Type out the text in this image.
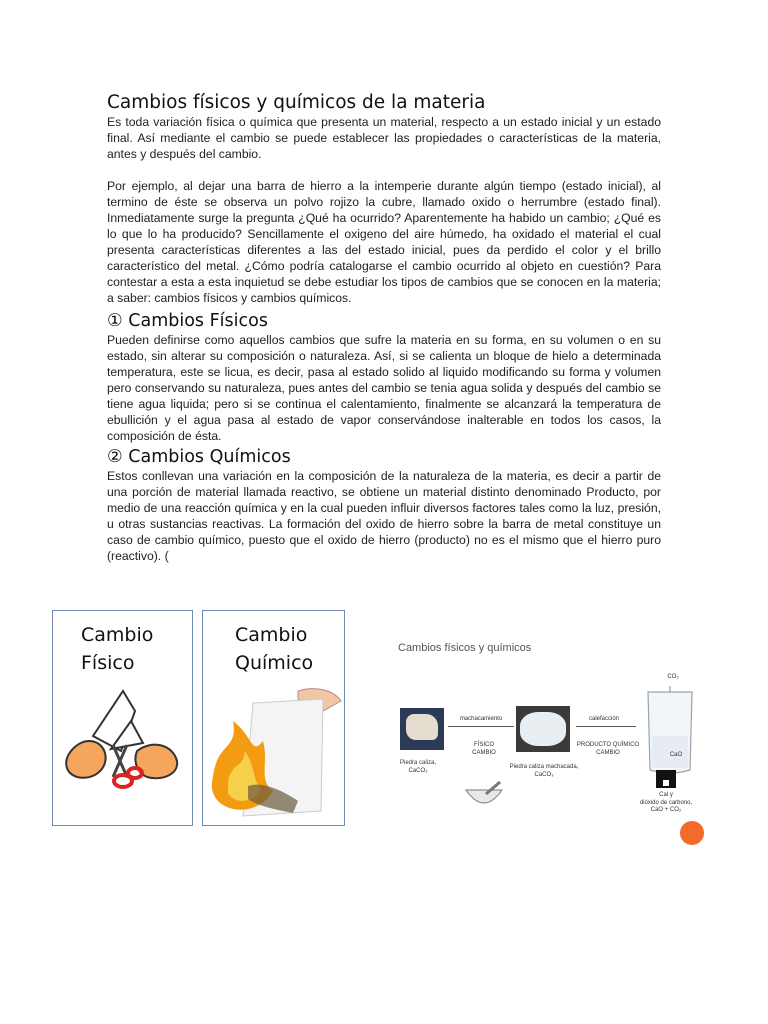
Cambios físicos y químicos de la materia

Es toda variación física o química que presenta un material, respecto a un estado inicial y un estado final. Así mediante el cambio se puede establecer las propiedades o características de la materia, antes y después del cambio.

Por ejemplo, al dejar una barra de hierro a la intemperie durante algún tiempo (estado inicial), al termino de éste se observa un polvo rojizo la cubre, llamado oxido o herrumbre (estado final). Inmediatamente surge la pregunta ¿Qué ha ocurrido? Aparentemente ha habido un cambio; ¿Qué es lo que lo ha producido? Sencillamente el oxigeno del aire húmedo, ha oxidado el material el cual presenta características diferentes a las del estado inicial, pues da perdido el color y el brillo característico del metal. ¿Cómo podría catalogarse el cambio ocurrido al objeto en cuestión? Para contestar a esta a esta inquietud se debe estudiar los tipos de cambios que se conocen en la materia; a saber: cambios físicos y cambios químicos.

① Cambios Físicos

Pueden definirse como aquellos cambios que sufre la materia en su forma, en su volumen o en su estado, sin alterar su composición o naturaleza. Así, si se calienta un bloque de hielo a determinada temperatura, este se licua, es decir, pasa al estado solido al liquido modificando su forma y volumen pero conservando su naturaleza, pues antes del cambio se tenia agua solida y después del cambio se tiene agua liquida; pero si se continua el calentamiento, finalmente se alcanzará la temperatura de ebullición y el agua pasa al estado de vapor conservándose inalterable en todos los casos, la composición de ésta.

② Cambios Químicos

Estos conllevan una variación en la composición de la naturaleza de la materia, es decir a partir de una porción de material llamada reactivo, se obtiene un material distinto denominado Producto, por medio de una reacción química y en la cual pueden influir diversos factores tales como la luz, presión, u otras sustancias reactivas. La formación del oxido de hierro sobre la barra de metal constituye un caso de cambio químico, puesto que el oxido de hierro (producto) no es el mismo que el hierro puro (reactivo). (

Cambio
Físico
Cambio
Químico
Cambios físicos y químicos
Piedra caliza,
CaCO₃
machacamiento
FÍSICO
CAMBIO
Piedra caliza machacada,
CaCO₃
calefacción
PRODUCTO QUÍMICO
CAMBIO
CO₂
CaO
Cal y
dióxido de carbono,
CaO + CO₂
